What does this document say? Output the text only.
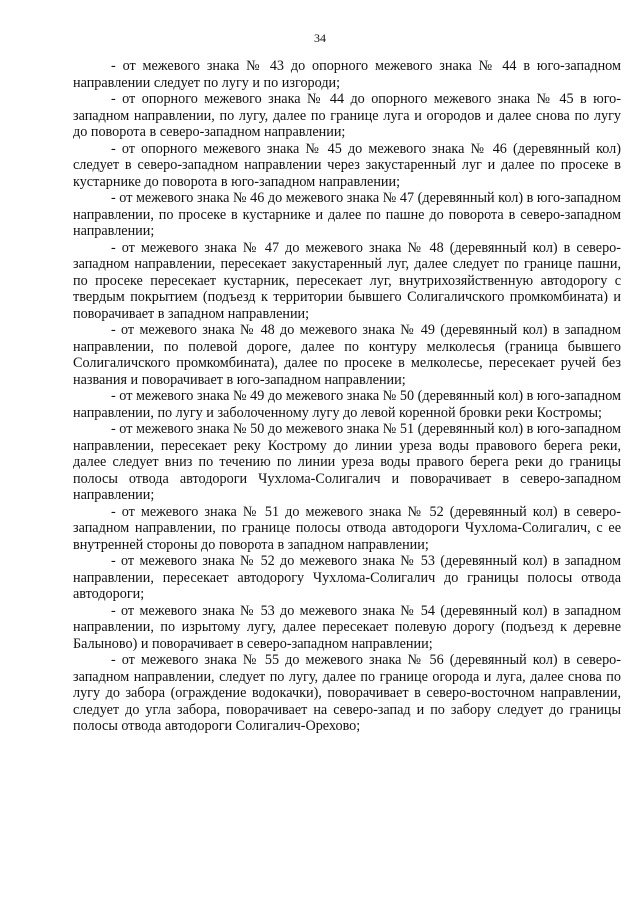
34

- от межевого знака № 43 до опорного межевого знака № 44 в юго-западном направлении следует по лугу и по изгороди;

- от опорного межевого знака № 44 до опорного межевого знака № 45 в юго-западном направлении, по лугу, далее по границе луга и огородов и далее снова по лугу до поворота в северо-западном направлении;

- от опорного межевого знака № 45 до межевого знака № 46 (деревянный кол) следует в северо-западном направлении через закустаренный луг и далее по просеке в кустарнике до поворота в юго-западном направлении;

- от межевого знака № 46 до межевого знака № 47 (деревянный кол) в юго-западном направлении, по просеке в кустарнике и далее по пашне до поворота в северо-западном направлении;

- от межевого знака № 47 до межевого знака № 48 (деревянный кол) в северо-западном направлении, пересекает закустаренный луг, далее следует по границе пашни, по просеке пересекает кустарник, пересекает луг, внутрихозяйственную автодорогу с твердым покрытием (подъезд к территории бывшего Солигаличского промкомбината) и поворачивает в западном направлении;

- от межевого знака № 48 до межевого знака № 49 (деревянный кол) в западном направлении, по полевой дороге, далее по контуру мелколесья (граница бывшего Солигаличского промкомбината), далее по просеке в мелколесье, пересекает ручей без названия и поворачивает в юго-западном направлении;

- от межевого знака № 49 до межевого знака № 50 (деревянный кол) в юго-западном направлении, по лугу и заболоченному лугу до левой коренной бровки реки Костромы;

- от межевого знака № 50 до межевого знака № 51 (деревянный кол) в юго-западном направлении, пересекает реку Кострому до линии уреза воды правового берега реки, далее следует вниз по течению по линии уреза воды правого берега реки до границы полосы отвода автодороги Чухлома-Солигалич и поворачивает в северо-западном направлении;

- от межевого знака № 51 до межевого знака № 52 (деревянный кол) в северо-западном направлении, по границе полосы отвода автодороги Чухлома-Солигалич, с ее внутренней стороны до поворота в западном направлении;

- от межевого знака № 52 до межевого знака № 53 (деревянный кол) в западном направлении, пересекает автодорогу Чухлома-Солигалич до границы полосы отвода автодороги;

- от межевого знака № 53 до межевого знака № 54 (деревянный кол) в западном направлении, по изрытому лугу, далее пересекает полевую дорогу (подъезд к деревне Балыново) и поворачивает в северо-западном направлении;

- от межевого знака № 55 до межевого знака № 56 (деревянный кол) в северо-западном направлении, следует по лугу, далее по границе огорода и луга, далее снова по лугу до забора (ограждение водокачки), поворачивает в северо-восточном направлении, следует до угла забора, поворачивает на северо-запад и по забору следует до границы полосы отвода автодороги Солигалич-Орехово;
